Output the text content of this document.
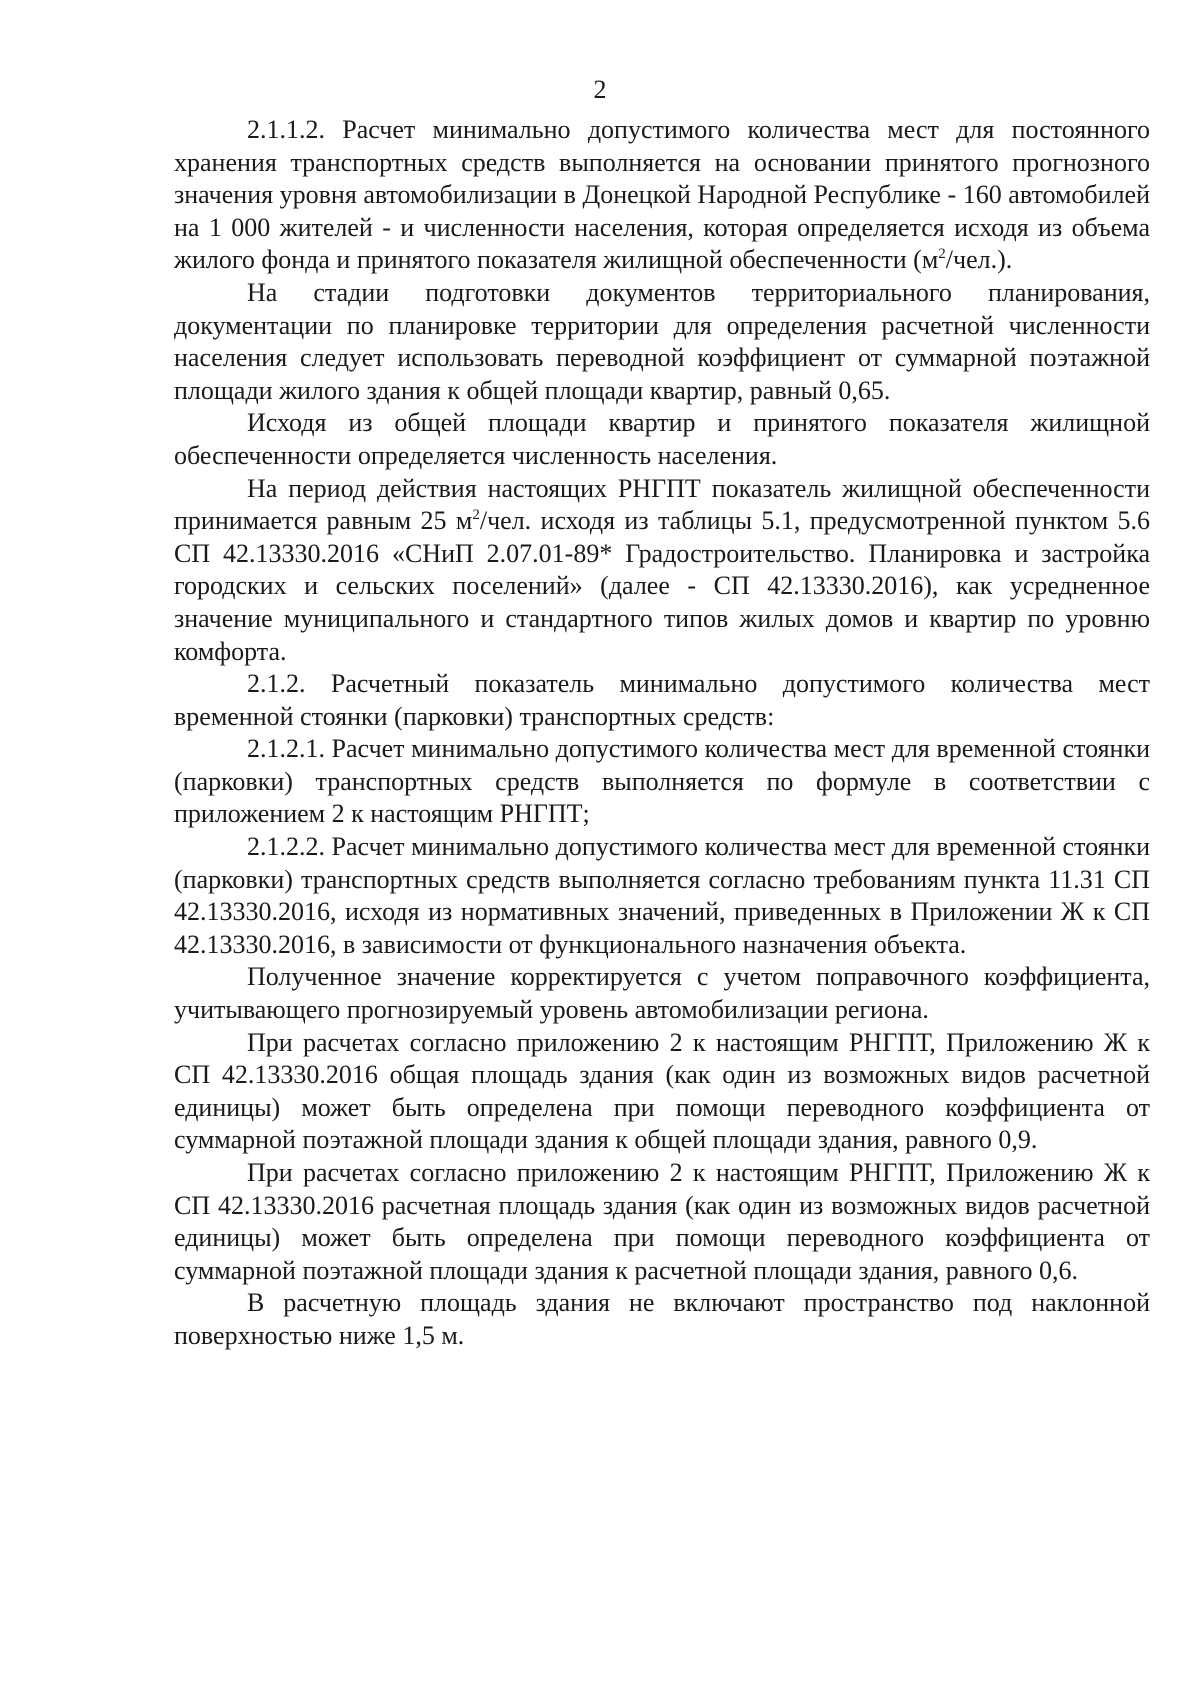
2

2.1.1.2. Расчет минимально допустимого количества мест для постоянного хранения транспортных средств выполняется на основании принятого прогнозного значения уровня автомобилизации в Донецкой Народной Республике - 160 автомобилей на 1 000 жителей - и численности населения, которая определяется исходя из объема жилого фонда и принятого показателя жилищной обеспеченности $(м^2/чел.)$.

На стадии подготовки документов территориального планирования, документации по планировке территории для определения расчетной численности населения следует использовать переводной коэффициент от суммарной поэтажной площади жилого здания к общей площади квартир, равный 0,65.

Исходя из общей площади квартир и принятого показателя жилищной обеспеченности определяется численность населения.

На период действия настоящих РНГПТ показатель жилищной обеспеченности принимается равным 25 $м^2$/чел. исходя из таблицы 5.1, предусмотренной пунктом 5.6 СП 42.13330.2016 «СНиП 2.07.01-89* Градостроительство. Планировка и застройка городских и сельских поселений» (далее - СП 42.13330.2016), как усредненное значение муниципального и стандартного типов жилых домов и квартир по уровню комфорта.

2.1.2. Расчетный показатель минимально допустимого количества мест временной стоянки (парковки) транспортных средств:

2.1.2.1. Расчет минимально допустимого количества мест для временной стоянки (парковки) транспортных средств выполняется по формуле в соответствии с приложением 2 к настоящим РНГПТ;

2.1.2.2. Расчет минимально допустимого количества мест для временной стоянки (парковки) транспортных средств выполняется согласно требованиям пункта 11.31 СП 42.13330.2016, исходя из нормативных значений, приведенных в Приложении Ж к СП 42.13330.2016, в зависимости от функционального назначения объекта.

Полученное значение корректируется с учетом поправочного коэффициента, учитывающего прогнозируемый уровень автомобилизации региона.

При расчетах согласно приложению 2 к настоящим РНГПТ, Приложению Ж к СП 42.13330.2016 общая площадь здания (как один из возможных видов расчетной единицы) может быть определена при помощи переводного коэффициента от суммарной поэтажной площади здания к общей площади здания, равного 0,9.

При расчетах согласно приложению 2 к настоящим РНГПТ, Приложению Ж к СП 42.13330.2016 расчетная площадь здания (как один из возможных видов расчетной единицы) может быть определена при помощи переводного коэффициента от суммарной поэтажной площади здания к расчетной площади здания, равного 0,6.

В расчетную площадь здания не включают пространство под наклонной поверхностью ниже 1,5 м.
